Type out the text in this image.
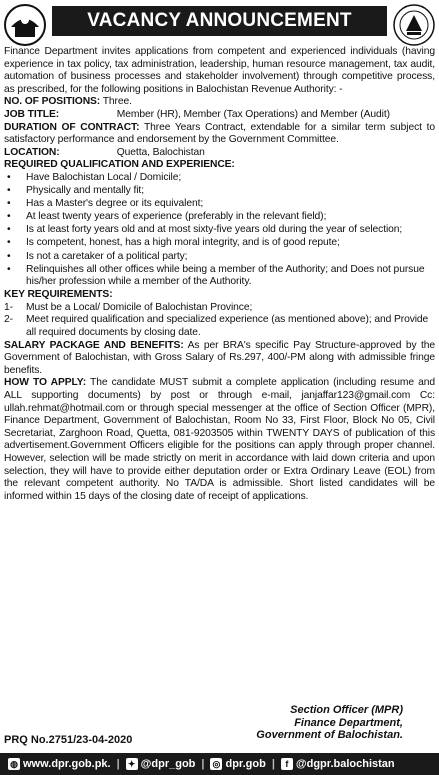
VACANCY ANNOUNCEMENT

Finance Department invites applications from competent and experienced individuals (having experience in tax policy, tax administration, leadership, human resource management, tax audit, automation of business processes and stakeholder involvement) through competitive process, as prescribed, for the following positions in Balochistan Revenue Authority: -

NO. OF POSITIONS: Three.

JOB TITLE:	Member (HR), Member (Tax Operations) and Member (Audit)

DURATION OF CONTRACT: Three Years Contract, extendable for a similar term subject to satisfactory performance and endorsement by the Government Committee.

LOCATION:	Quetta, Balochistan

REQUIRED QUALIFICATION AND EXPERIENCE:

• Have Balochistan Local / Domicile;
• Physically and mentally fit;
• Has a Master's degree or its equivalent;
• At least twenty years of experience (preferably in the relevant field);
• Is at least forty years old and at most sixty-five years old during the year of selection;
• Is competent, honest, has a high moral integrity, and is of good repute;
• Is not a caretaker of a political party;
• Relinquishes all other offices while being a member of the Authority; and Does not pursue his/her profession while a member of the Authority.

KEY REQUIREMENTS:

1- Must be a Local/ Domicile of Balochistan Province;
2- Meet required qualification and specialized experience (as mentioned above); and Provide all required documents by closing date.

SALARY PACKAGE AND BENEFITS: As per BRA's specific Pay Structure-approved by the Government of Balochistan, with Gross Salary of Rs.297, 400/-PM along with admissible fringe benefits.

HOW TO APPLY: The candidate MUST submit a complete application (including resume and ALL supporting documents) by post or through e-mail, janjaffar123@gmail.com Cc: ullah.rehmat@hotmail.com or through special messenger at the office of Section Officer (MPR), Finance Department, Government of Balochistan, Room No 33, First Floor, Block No 05, Civil Secretariat, Zarghoon Road, Quetta, 081-9203505 within TWENTY DAYS of publication of this advertisement.Government Officers eligible for the positions can apply through proper channel. However, selection will be made strictly on merit in accordance with laid down criteria and upon selection, they will have to provide either deputation order or Extra Ordinary Leave (EOL) from the relevant competent authority. No TA/DA is admissible. Short listed candidates will be informed within 15 days of the closing date of receipt of applications.

Section Officer (MPR)
Finance Department,
Government of Balochistan.
PRQ No.2751/23-04-2020
◍ www.dpr.gob.pk. | ✦ @dpr_gob | ◎ dpr.gob |	f @dgpr.balochistan
